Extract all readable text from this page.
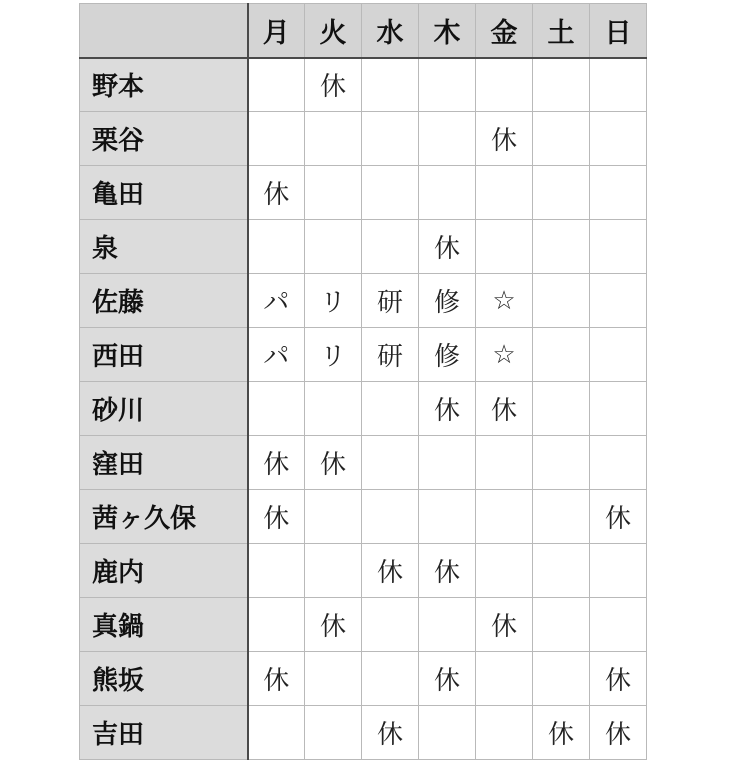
	月	火	水	木	金	土	日
野本		休					
栗谷					休		
亀田	休						
泉				休			
佐藤	パ	リ	研	修	☆		
西田	パ	リ	研	修	☆		
砂川				休	休		
窪田	休	休					
茜ヶ久保	休						休
鹿内			休	休			
真鍋		休			休		
熊坂	休			休			休
吉田			休			休	休
